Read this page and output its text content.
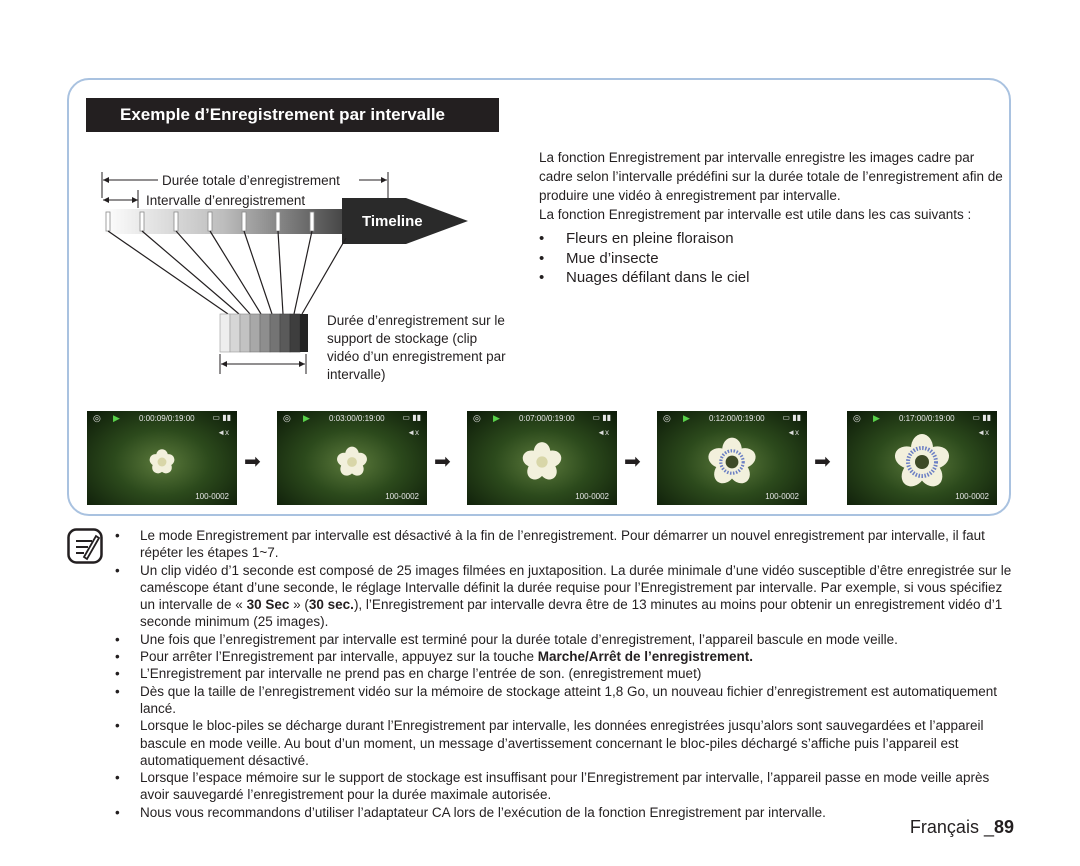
Exemple d’Enregistrement par intervalle
Durée totale d’enregistrement
Intervalle d’enregistrement
Timeline
Durée d’enregistrement sur le support de stockage (clip vidéo d’un enregistrement par intervalle)

La fonction Enregistrement par intervalle enregistre les images cadre par cadre selon l’intervalle prédéfini sur la durée totale de l’enregistrement afin de produire une vidéo à enregistrement par intervalle.

La fonction Enregistrement par intervalle est utile dans les cas suivants :

• Fleurs en pleine floraison
• Mue d’insecte
• Nuages défilant dans le ciel
◎ ▶ 0:00:09/0:19:00 ▭ ▮▮
◄x
100-0002
➡
◎ ▶ 0:03:00/0:19:00 ▭ ▮▮
◄x
100-0002
➡
◎ ▶ 0:07:00/0:19:00 ▭ ▮▮
◄x
100-0002
➡
◎ ▶ 0:12:00/0:19:00 ▭ ▮▮
◄x
100-0002
➡
◎ ▶ 0:17:00/0:19:00 ▭ ▮▮
◄x
100-0002
• Le mode Enregistrement par intervalle est désactivé à la fin de l’enregistrement. Pour démarrer un nouvel enregistrement par intervalle, il faut répéter les étapes 1~7.
• Un clip vidéo d’1 seconde est composé de 25 images filmées en juxtaposition. La durée minimale d’une vidéo susceptible d’être enregistrée sur le caméscope étant d’une seconde, le réglage Intervalle définit la durée requise pour l’Enregistrement par intervalle. Par exemple, si vous spécifiez un intervalle de « 30 Sec » (30 sec.), l’Enregistrement par intervalle devra être de 13 minutes au moins pour obtenir un enregistrement vidéo d’1 seconde minimum (25 images).
• Une fois que l’enregistrement par intervalle est terminé pour la durée totale d’enregistrement, l’appareil bascule en mode veille.
• Pour arrêter l’Enregistrement par intervalle, appuyez sur la touche Marche/Arrêt de l’enregistrement.
• L’Enregistrement par intervalle ne prend pas en charge l’entrée de son. (enregistrement muet)
• Dès que la taille de l’enregistrement vidéo sur la mémoire de stockage atteint 1,8 Go, un nouveau fichier d’enregistrement est automatiquement lancé.
• Lorsque le bloc-piles se décharge durant l’Enregistrement par intervalle, les données enregistrées jusqu’alors sont sauvegardées et l’appareil bascule en mode veille. Au bout d’un moment, un message d’avertissement concernant le bloc-piles déchargé s’affiche puis l’appareil est automatiquement désactivé.
• Lorsque l’espace mémoire sur le support de stockage est insuffisant pour l’Enregistrement par intervalle, l’appareil passe en mode veille après avoir sauvegardé l’enregistrement pour la durée maximale autorisée.
• Nous vous recommandons d’utiliser l’adaptateur CA lors de l’exécution de la fonction Enregistrement par intervalle.
Français _89
